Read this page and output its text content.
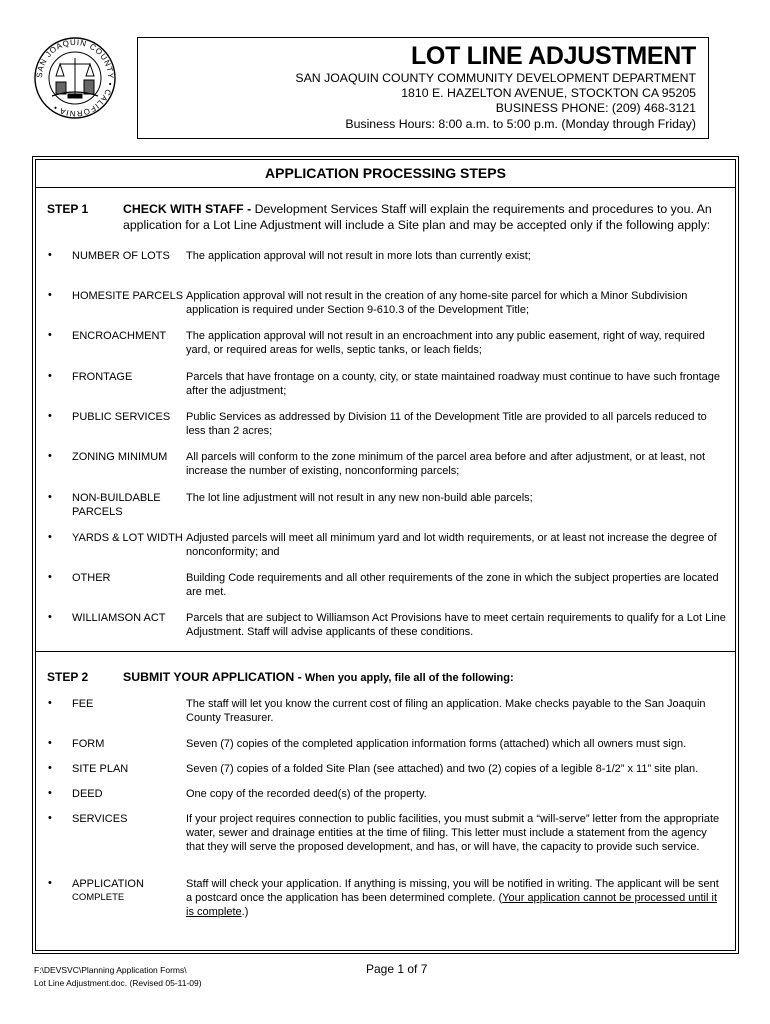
SAN JOAQUIN COUNTY • CALIFORNIA •
LOT LINE ADJUSTMENT
SAN JOAQUIN COUNTY COMMUNITY DEVELOPMENT DEPARTMENT
1810 E. HAZELTON AVENUE, STOCKTON CA 95205
BUSINESS PHONE: (209) 468-3121
Business Hours: 8:00 a.m. to 5:00 p.m. (Monday through Friday)
APPLICATION PROCESSING STEPS
STEP 1	CHECK WITH STAFF - Development Services Staff will explain the requirements and procedures to you. An application for a Lot Line Adjustment will include a Site plan and may be accepted only if the following apply:
• NUMBER OF LOTS	The application approval will not result in more lots than currently exist;
• HOMESITE PARCELS Application approval will not result in the creation of any home-site parcel for which a Minor Subdivision application is required under Section 9-610.3 of the Development Title;
• ENCROACHMENT	The application approval will not result in an encroachment into any public easement, right of way, required yard, or required areas for wells, septic tanks, or leach fields;
• FRONTAGE	Parcels that have frontage on a county, city, or state maintained roadway must continue to have such frontage after the adjustment;
• PUBLIC SERVICES	Public Services as addressed by Division 11 of the Development Title are provided to all parcels reduced to less than 2 acres;
• ZONING MINIMUM	All parcels will conform to the zone minimum of the parcel area before and after adjustment, or at least, not increase the number of existing, nonconforming parcels;
• NON-BUILDABLE PARCELS
The lot line adjustment will not result in any new non-build able parcels;
• YARDS & LOT WIDTH Adjusted parcels will meet all minimum yard and lot width requirements, or at least not increase the degree of nonconformity; and
• OTHER	Building Code requirements and all other requirements of the zone in which the subject properties are located are met.
• WILLIAMSON ACT	Parcels that are subject to Williamson Act Provisions have to meet certain requirements to qualify for a Lot Line Adjustment. Staff will advise applicants of these conditions.
STEP 2	SUBMIT YOUR APPLICATION - When you apply, file all of the following:
• FEE	The staff will let you know the current cost of filing an application. Make checks payable to the San Joaquin County Treasurer.
• FORM	Seven (7) copies of the completed application information forms (attached) which all owners must sign.
• SITE PLAN	Seven (7) copies of a folded Site Plan (see attached) and two (2) copies of a legible 8-1/2” x 11” site plan.
• DEED	One copy of the recorded deed(s) of the property.
• SERVICES	If your project requires connection to public facilities, you must submit a “will-serve” letter from the appropriate water, sewer and drainage entities at the time of filing. This letter must include a statement from the agency that they will serve the proposed development, and has, or will have, the capacity to provide such service.
• APPLICATION
COMPLETE
Staff will check your application. If anything is missing, you will be notified in writing. The applicant will be sent a postcard once the application has been determined complete. (Your application cannot be processed until it is complete.)
F:\DEVSVC\Planning Application Forms\
Lot Line Adjustment.doc. (Revised 05-11-09)
Page 1 of 7
